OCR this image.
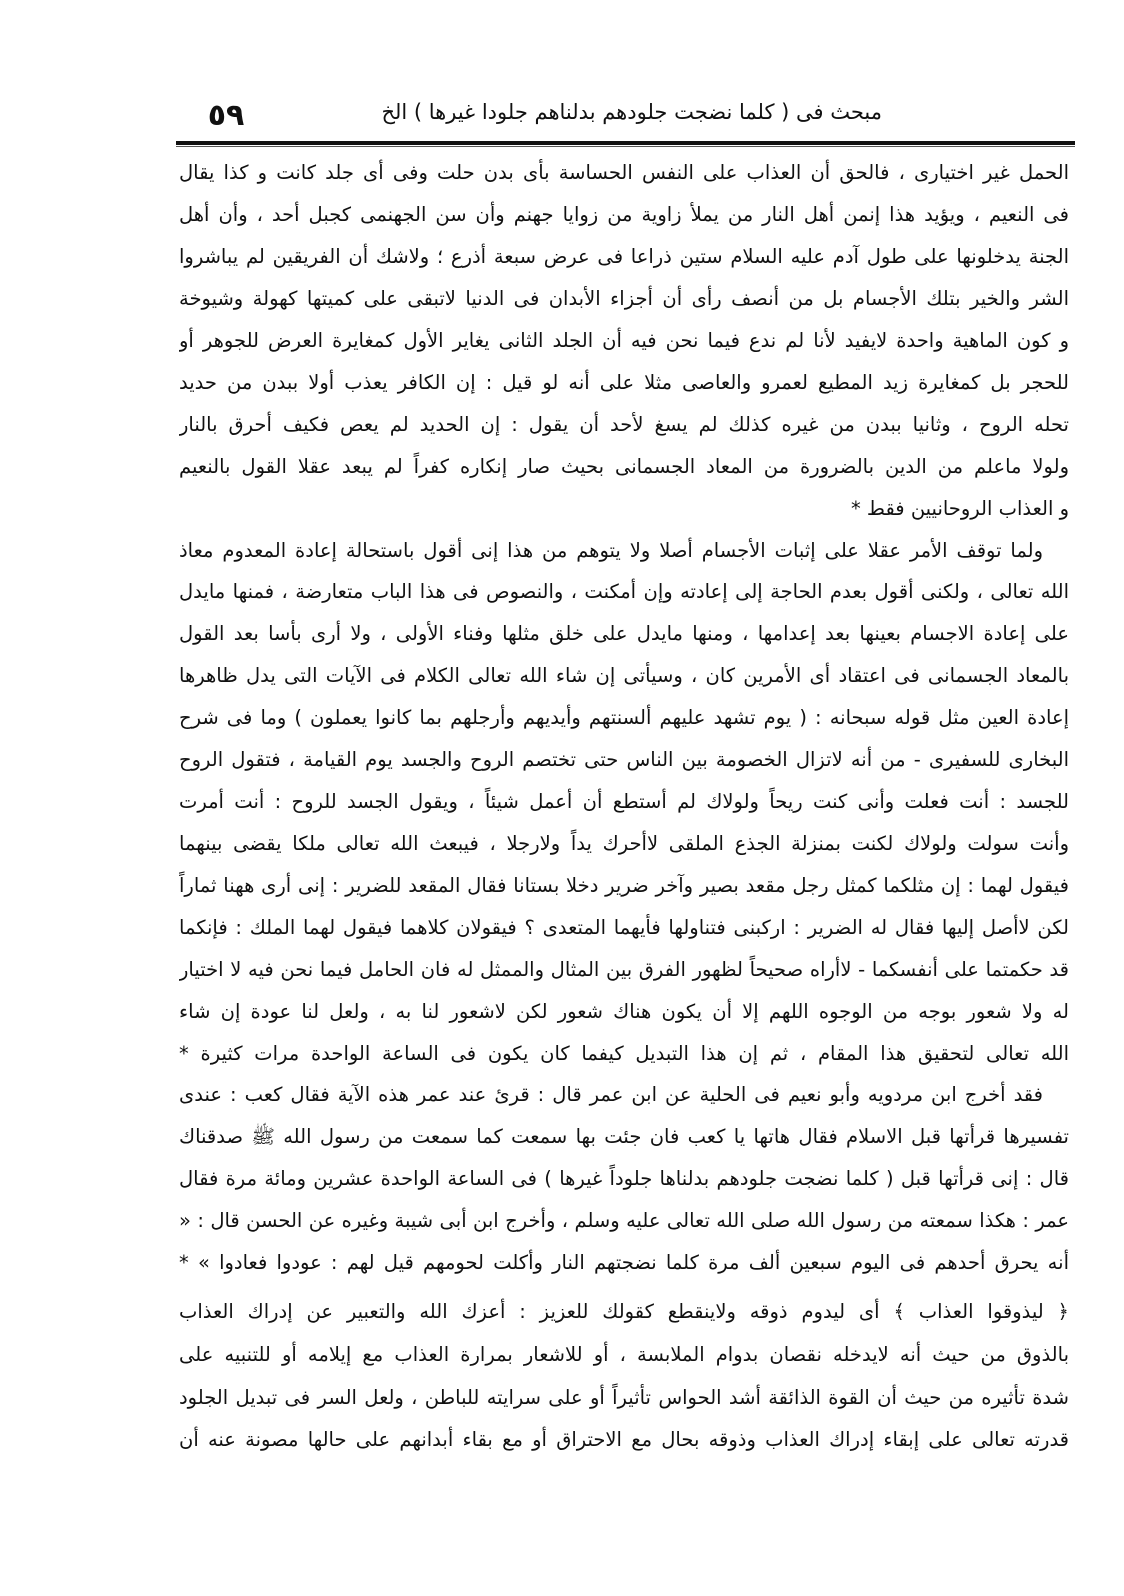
٥٩	مبحث فى ( كلما نضجت جلودهم بدلناهم جلودا غيرها ) الخ
الحمل غير اختيارى ، فالحق أن العذاب على النفس الحساسة بأى بدن حلت وفى أى جلد كانت و كذا يقال
فى النعيم ، ويؤيد هذا إنمن أهل النار من يملأ زاوية من زوايا جهنم وأن سن الجهنمى كجبل أحد ، وأن أهل
الجنة يدخلونها على طول آدم عليه السلام ستين ذراعا فى عرض سبعة أذرع ؛ ولاشك أن الفريقين لم يباشروا
الشر والخير بتلك الأجسام بل من أنصف رأى أن أجزاء الأبدان فى الدنيا لاتبقى على كميتها كهولة وشيوخة
و كون الماهية واحدة لايفيد لأنا لم ندع فيما نحن فيه أن الجلد الثانى يغاير الأول كمغايرة العرض للجوهر أو
للحجر بل كمغايرة زيد المطيع لعمرو والعاصى مثلا على أنه لو قيل : إن الكافر يعذب أولا ببدن من حديد
تحله الروح ، وثانيا ببدن من غيره كذلك لم يسغ لأحد أن يقول : إن الحديد لم يعص فكيف أحرق بالنار
ولولا ماعلم من الدين بالضرورة من المعاد الجسمانى بحيث صار إنكاره كفراً لم يبعد عقلا القول بالنعيم
و العذاب الروحانيين فقط *
ولما توقف الأمر عقلا على إثبات الأجسام أصلا ولا يتوهم من هذا إنى أقول باستحالة إعادة المعدوم معاذ
الله تعالى ، ولكنى أقول بعدم الحاجة إلى إعادته وإن أمكنت ، والنصوص فى هذا الباب متعارضة ، فمنها مايدل
على إعادة الاجسام بعينها بعد إعدامها ، ومنها مايدل على خلق مثلها وفناء الأولى ، ولا أرى بأسا بعد القول
بالمعاد الجسمانى فى اعتقاد أى الأمرين كان ، وسيأتى إن شاء الله تعالى الكلام فى الآيات التى يدل ظاهرها
إعادة العين مثل قوله سبحانه : ( يوم تشهد عليهم ألسنتهم وأيديهم وأرجلهم بما كانوا يعملون ) وما فى شرح
البخارى للسفيرى - من أنه لاتزال الخصومة بين الناس حتى تختصم الروح والجسد يوم القيامة ، فتقول الروح
للجسد : أنت فعلت وأنى كنت ريحاً ولولاك لم أستطع أن أعمل شيئاً ، ويقول الجسد للروح : أنت أمرت
وأنت سولت ولولاك لكنت بمنزلة الجذع الملقى لاأحرك يداً ولارجلا ، فيبعث الله تعالى ملكا يقضى بينهما
فيقول لهما : إن مثلكما كمثل رجل مقعد بصير وآخر ضرير دخلا بستانا فقال المقعد للضرير : إنى أرى ههنا ثماراً
لكن لاأصل إليها فقال له الضرير : اركبنى فتناولها فأيهما المتعدى ؟ فيقولان كلاهما فيقول لهما الملك : فإنكما
قد حكمتما على أنفسكما - لاأراه صحيحاً لظهور الفرق بين المثال والممثل له فان الحامل فيما نحن فيه لا اختيار
له ولا شعور بوجه من الوجوه اللهم إلا أن يكون هناك شعور لكن لاشعور لنا به ، ولعل لنا عودة إن شاء
الله تعالى لتحقيق هذا المقام ، ثم إن هذا التبديل كيفما كان يكون فى الساعة الواحدة مرات كثيرة *
فقد أخرج ابن مردويه وأبو نعيم فى الحلية عن ابن عمر قال : قرئ عند عمر هذه الآية فقال كعب : عندى
تفسيرها قرأتها قبل الاسلام فقال هاتها يا كعب فان جئت بها سمعت كما سمعت من رسول الله ﷺ صدقناك
قال : إنى قرأتها قبل ( كلما نضجت جلودهم بدلناها جلوداً غيرها ) فى الساعة الواحدة عشرين ومائة مرة فقال
عمر : هكذا سمعته من رسول الله صلى الله تعالى عليه وسلم ، وأخرج ابن أبى شيبة وغيره عن الحسن قال : «
أنه يحرق أحدهم فى اليوم سبعين ألف مرة كلما نضجتهم النار وأكلت لحومهم قيل لهم : عودوا فعادوا » *
﴿ ليذوقوا العذاب ﴾ أى ليدوم ذوقه ولاينقطع كقولك للعزيز : أعزك الله والتعبير عن إدراك العذاب
بالذوق من حيث أنه لايدخله نقصان بدوام الملابسة ، أو للاشعار بمرارة العذاب مع إيلامه أو للتنبيه على
شدة تأثيره من حيث أن القوة الذائقة أشد الحواس تأثيراً أو على سرايته للباطن ، ولعل السر فى تبديل الجلود
قدرته تعالى على إبقاء إدراك العذاب وذوقه بحال مع الاحتراق أو مع بقاء أبدانهم على حالها مصونة عنه أن
